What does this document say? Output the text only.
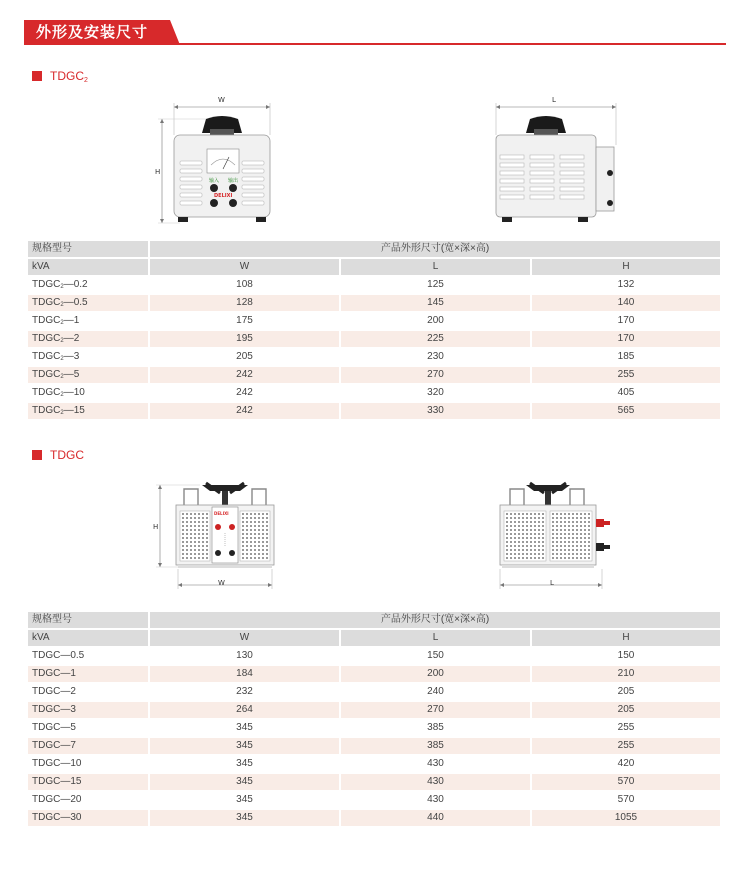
外形及安装尺寸
$TDGC_2$
W
H
输入 输出
DELIXI
L
规格型号	产品外形尺寸(宽×深×高)
kVA	W	L	H
$TDGC_2—0.2$	108	125	132
$TDGC_2—0.5$	128	145	140
$TDGC_2—1$	175	200	170
$TDGC_2—2$	195	225	170
$TDGC_2—3$	205	230	185
$TDGC_2—5$	242	270	255
$TDGC_2—10$	242	320	405
$TDGC_2—15$	242	330	565
TDGC
H
W
DELIXI
L
规格型号	产品外形尺寸(宽×深×高)
kVA	W	L	H
TDGC—0.5	130	150	150
TDGC—1	184	200	210
TDGC—2	232	240	205
TDGC—3	264	270	205
TDGC—5	345	385	255
TDGC—7	345	385	255
TDGC—10	345	430	420
TDGC—15	345	430	570
TDGC—20	345	430	570
TDGC—30	345	440	1055
